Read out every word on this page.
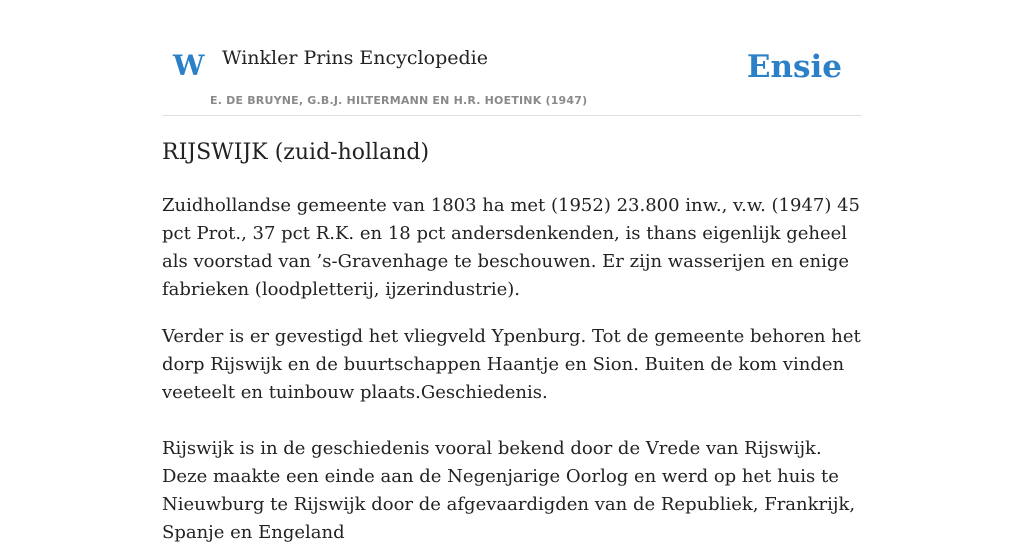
W Winkler Prins Encyclopedie
E. DE BRUYNE, G.B.J. HILTERMANN EN H.R. HOETINK (1947)
Ensie
RIJSWIJK (zuid-holland)

Zuidhollandse gemeente van 1803 ha met (1952) 23.800 inw., v.w. (1947) 45 pct Prot., 37 pct R.K. en 18 pct andersdenkenden, is thans eigenlijk geheel als voorstad van ’s-Gravenhage te beschouwen. Er zijn wasserijen en enige fabrieken (loodpletterij, ijzerindustrie).

Verder is er gevestigd het vliegveld Ypenburg. Tot de gemeente behoren het dorp Rijswijk en de buurtschappen Haantje en Sion. Buiten de kom vinden veeteelt en tuinbouw plaats.Geschiedenis.

Rijswijk is in de geschiedenis vooral bekend door de Vrede van Rijswijk. Deze maakte een einde aan de Negenjarige Oorlog en werd op het huis te Nieuwburg te Rijswijk door de afgevaardigden van de Republiek, Frankrijk, Spanje en Engeland
